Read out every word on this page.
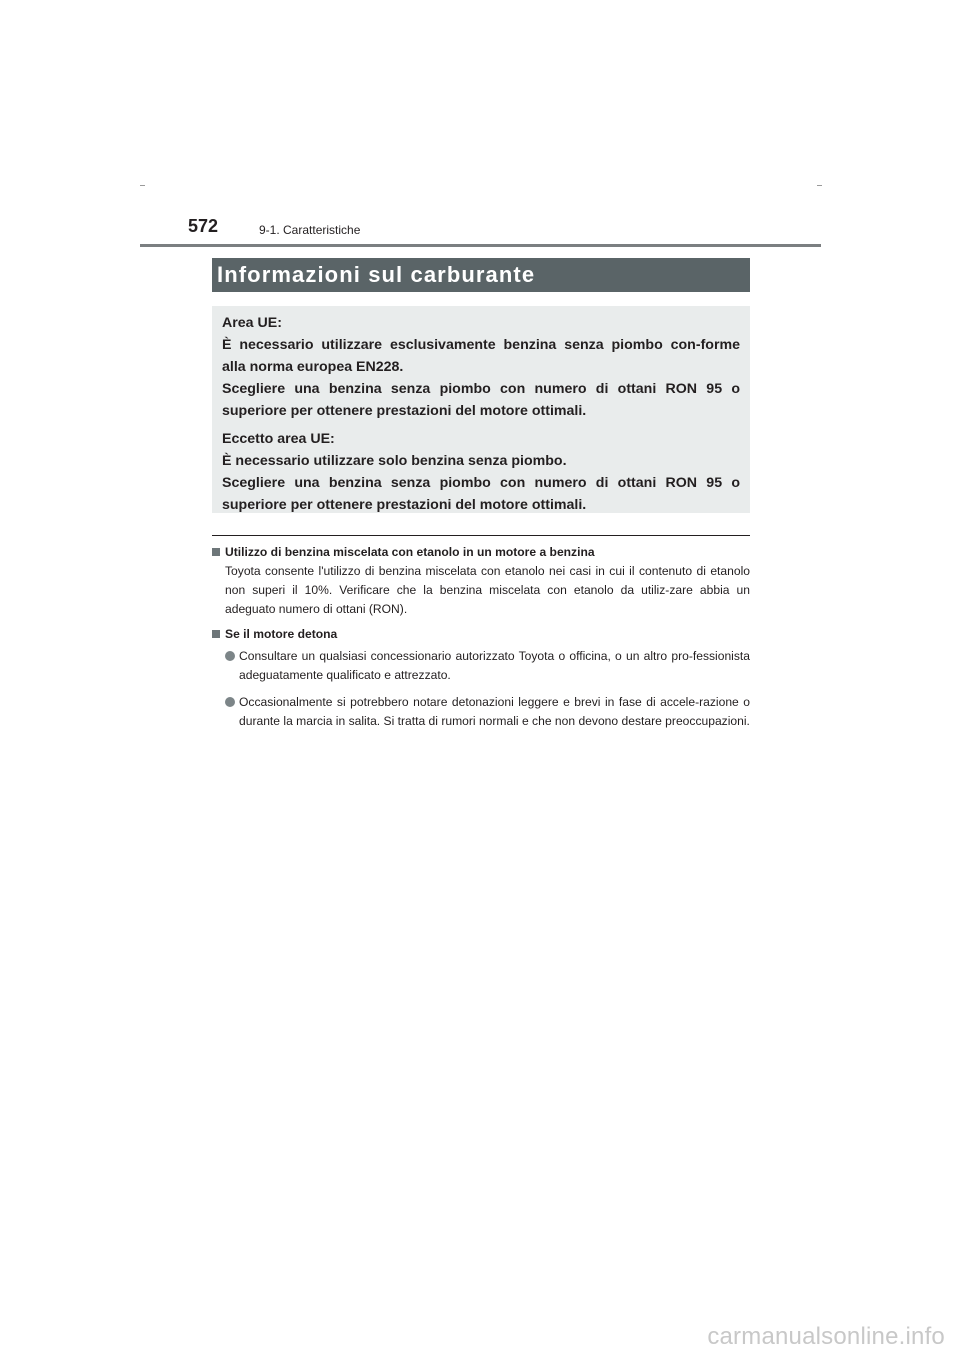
572	9-1. Caratteristiche
Informazioni sul carburante

Area UE:

È necessario utilizzare esclusivamente benzina senza piombo con-forme alla norma europea EN228.

Scegliere una benzina senza piombo con numero di ottani RON 95 o superiore per ottenere prestazioni del motore ottimali.

Eccetto area UE:

È necessario utilizzare solo benzina senza piombo.

Scegliere una benzina senza piombo con numero di ottani RON 95 o superiore per ottenere prestazioni del motore ottimali.

Utilizzo di benzina miscelata con etanolo in un motore a benzina

Toyota consente l'utilizzo di benzina miscelata con etanolo nei casi in cui il contenuto di etanolo non superi il 10%. Verificare che la benzina miscelata con etanolo da utiliz-zare abbia un adeguato numero di ottani (RON).

Se il motore detona

Consultare un qualsiasi concessionario autorizzato Toyota o officina, o un altro pro-fessionista adeguatamente qualificato e attrezzato.
Occasionalmente si potrebbero notare detonazioni leggere e brevi in fase di accele-razione o durante la marcia in salita. Si tratta di rumori normali e che non devono destare preoccupazioni.
carmanualsonline.info
